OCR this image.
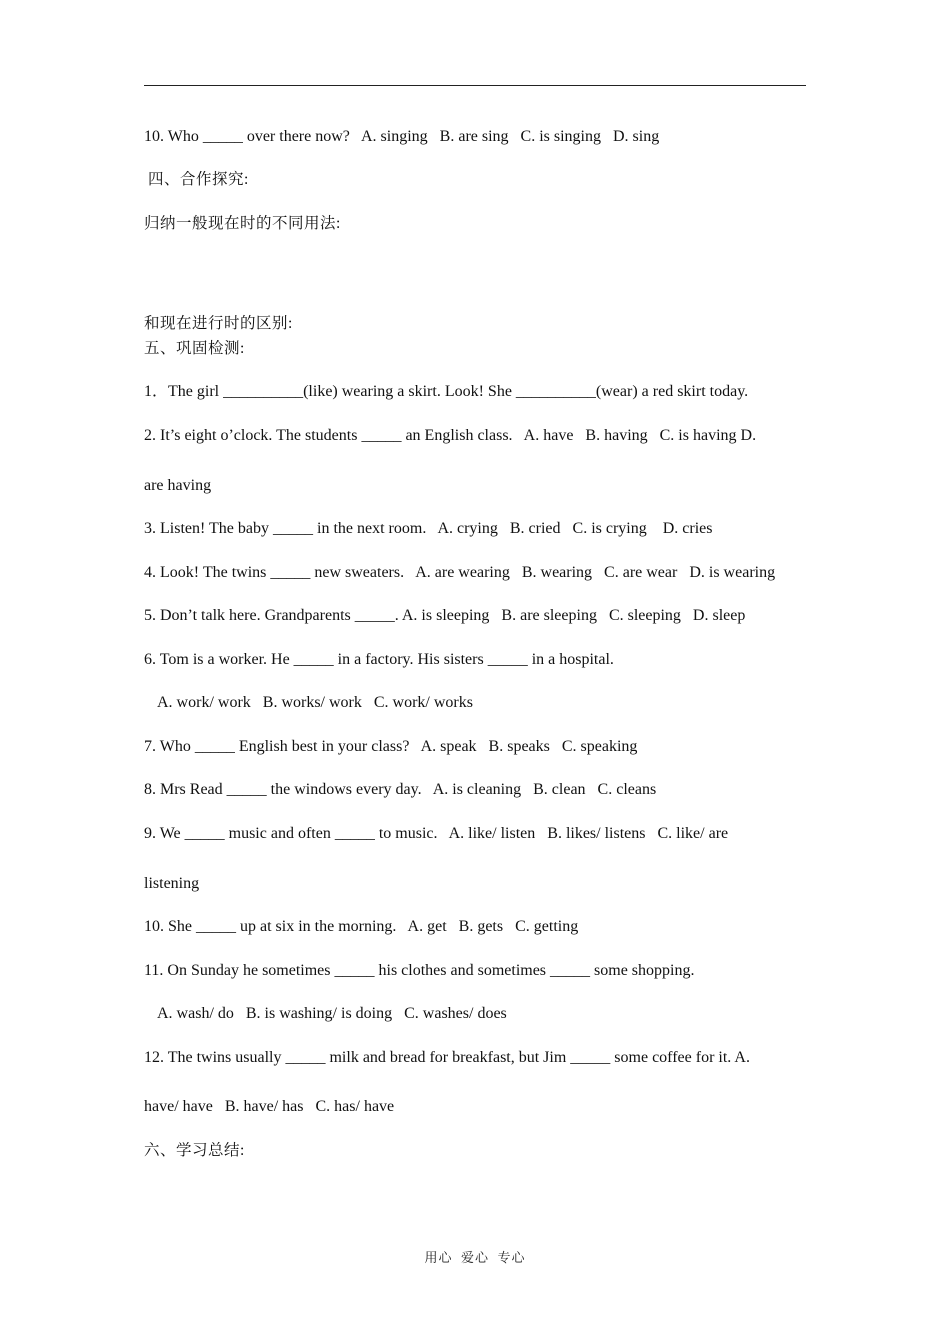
10. Who _____ over there now?   A. singing   B. are sing   C. is singing   D. sing
四、合作探究:
归纳一般现在时的不同用法:
和现在进行时的区别:
五、巩固检测:
1．The girl __________(like) wearing a skirt. Look! She __________(wear) a red skirt today.
2. It’s eight o’clock. The students _____ an English class.   A. have   B. having   C. is having D.
are having
3. Listen! The baby _____ in the next room.   A. crying   B. cried   C. is crying    D. cries
4. Look! The twins _____ new sweaters.   A. are wearing   B. wearing   C. are wear   D. is wearing
5. Don’t talk here. Grandparents _____. A. is sleeping   B. are sleeping   C. sleeping   D. sleep
6. Tom is a worker. He _____ in a factory. His sisters _____ in a hospital.
A. work/ work   B. works/ work   C. work/ works
7. Who _____ English best in your class?   A. speak   B. speaks   C. speaking
8. Mrs Read _____ the windows every day.   A. is cleaning   B. clean   C. cleans
9. We _____ music and often _____ to music.   A. like/ listen   B. likes/ listens   C. like/ are
listening
10. She _____ up at six in the morning.   A. get   B. gets   C. getting
11. On Sunday he sometimes _____ his clothes and sometimes _____ some shopping.
A. wash/ do   B. is washing/ is doing   C. washes/ does
12. The twins usually _____ milk and bread for breakfast, but Jim _____ some coffee for it. A.
have/ have   B. have/ has   C. has/ have
六、学习总结:
用心  爱心  专心
